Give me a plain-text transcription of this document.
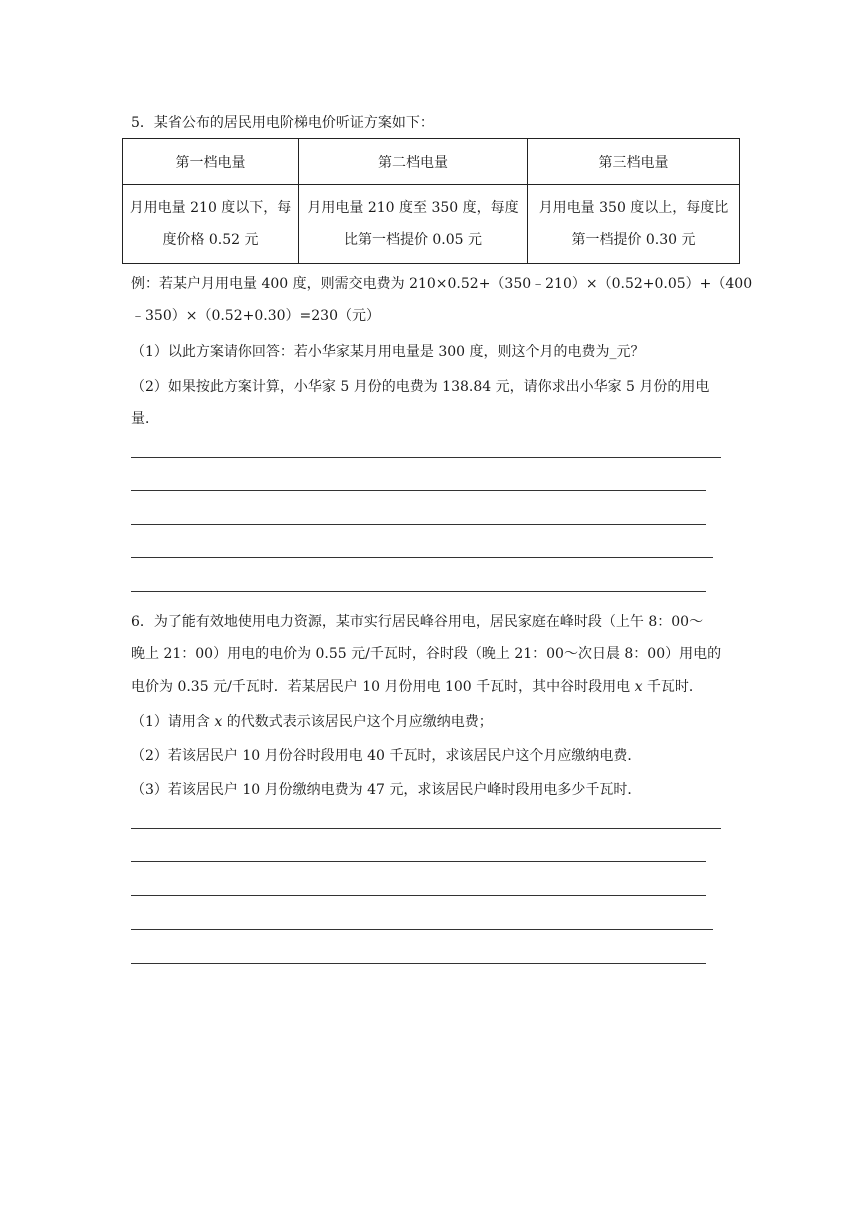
5．某省公布的居民用电阶梯电价听证方案如下：
第一档电量	第二档电量	第三档电量

月用电量 210 度以下，每
度价格 0.52 元	月用电量 210 度至 350 度，每度
比第一档提价 0.05 元	月用电量 350 度以上，每度比
第一档提价 0.30 元
例：若某户月用电量 400 度，则需交电费为 210×0.52+（350﹣210）×（0.52+0.05）+（400
﹣350）×（0.52+0.30）=230（元）
（1）以此方案请你回答：若小华家某月用电量是 300 度，则这个月的电费为_元？
（2）如果按此方案计算，小华家 5 月份的电费为 138.84 元，请你求出小华家 5 月份的用电
量．
6．为了能有效地使用电力资源，某市实行居民峰谷用电，居民家庭在峰时段（上午 8：00～
晚上 21：00）用电的电价为 0.55 元/千瓦时，谷时段（晚上 21：00～次日晨 8：00）用电的
电价为 0.35 元/千瓦时．若某居民户 10 月份用电 100 千瓦时，其中谷时段用电 x 千瓦时．
（1）请用含 x 的代数式表示该居民户这个月应缴纳电费；
（2）若该居民户 10 月份谷时段用电 40 千瓦时，求该居民户这个月应缴纳电费．
（3）若该居民户 10 月份缴纳电费为 47 元，求该居民户峰时段用电多少千瓦时．
